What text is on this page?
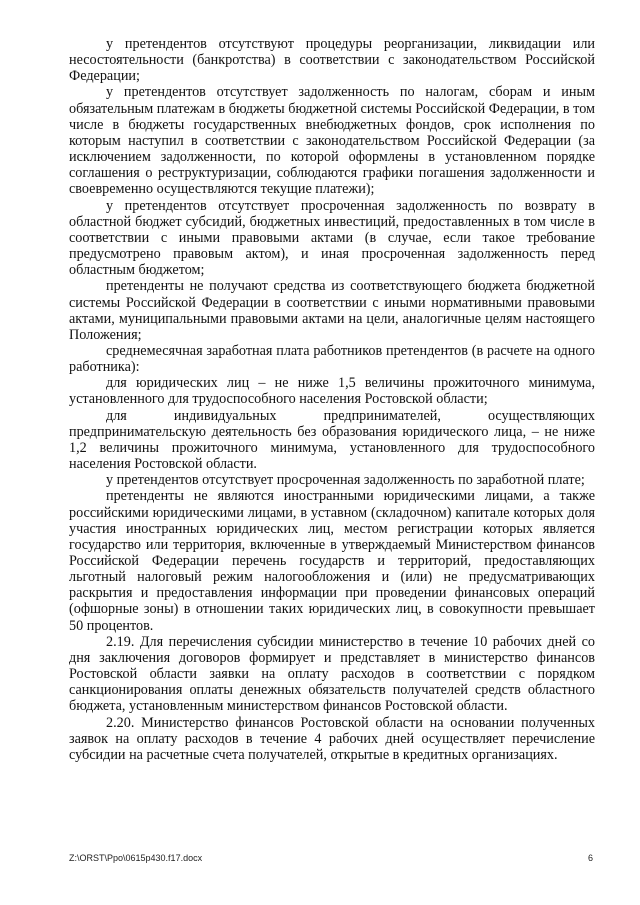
у претендентов отсутствуют процедуры реорганизации, ликвидации или несостоятельности (банкротства) в соответствии с законодательством Российской Федерации;

у претендентов отсутствует задолженность по налогам, сборам и иным обязательным платежам в бюджеты бюджетной системы Российской Федерации, в том числе в бюджеты государственных внебюджетных фондов, срок исполнения по которым наступил в соответствии с законодательством Российской Федерации (за исключением задолженности, по которой оформлены в установленном порядке соглашения о реструктуризации, соблюдаются графики погашения задолженности и своевременно осуществляются текущие платежи);

у претендентов отсутствует просроченная задолженность по возврату в областной бюджет субсидий, бюджетных инвестиций, предоставленных в том числе в соответствии с иными правовыми актами (в случае, если такое требование предусмотрено правовым актом), и иная просроченная задолженность перед областным бюджетом;

претенденты не получают средства из соответствующего бюджета бюджетной системы Российской Федерации в соответствии с иными нормативными правовыми актами, муниципальными правовыми актами на цели, аналогичные целям настоящего Положения;

среднемесячная заработная плата работников претендентов (в расчете на одного работника):

для юридических лиц – не ниже 1,5 величины прожиточного минимума, установленного для трудоспособного населения Ростовской области;

для индивидуальных предпринимателей, осуществляющих предпринимательскую деятельность без образования юридического лица, – не ниже 1,2 величины прожиточного минимума, установленного для трудоспособного населения Ростовской области.

у претендентов отсутствует просроченная задолженность по заработной плате;

претенденты не являются иностранными юридическими лицами, а также российскими юридическими лицами, в уставном (складочном) капитале которых доля участия иностранных юридических лиц, местом регистрации которых является государство или территория, включенные в утверждаемый Министерством финансов Российской Федерации перечень государств и территорий, предоставляющих льготный налоговый режим налогообложения и (или) не предусматривающих раскрытия и предоставления информации при проведении финансовых операций (офшорные зоны) в отношении таких юридических лиц, в совокупности превышает 50 процентов.

2.19. Для перечисления субсидии министерство в течение 10 рабочих дней со дня заключения договоров формирует и представляет в министерство финансов Ростовской области заявки на оплату расходов в соответствии с порядком санкционирования оплаты денежных обязательств получателей средств областного бюджета, установленным министерством финансов Ростовской области.

2.20. Министерство финансов Ростовской области на основании полученных заявок на оплату расходов в течение 4 рабочих дней осуществляет перечисление субсидии на расчетные счета получателей, открытые в кредитных организациях.

Z:\ORST\Ppo\0615p430.f17.docx	6
